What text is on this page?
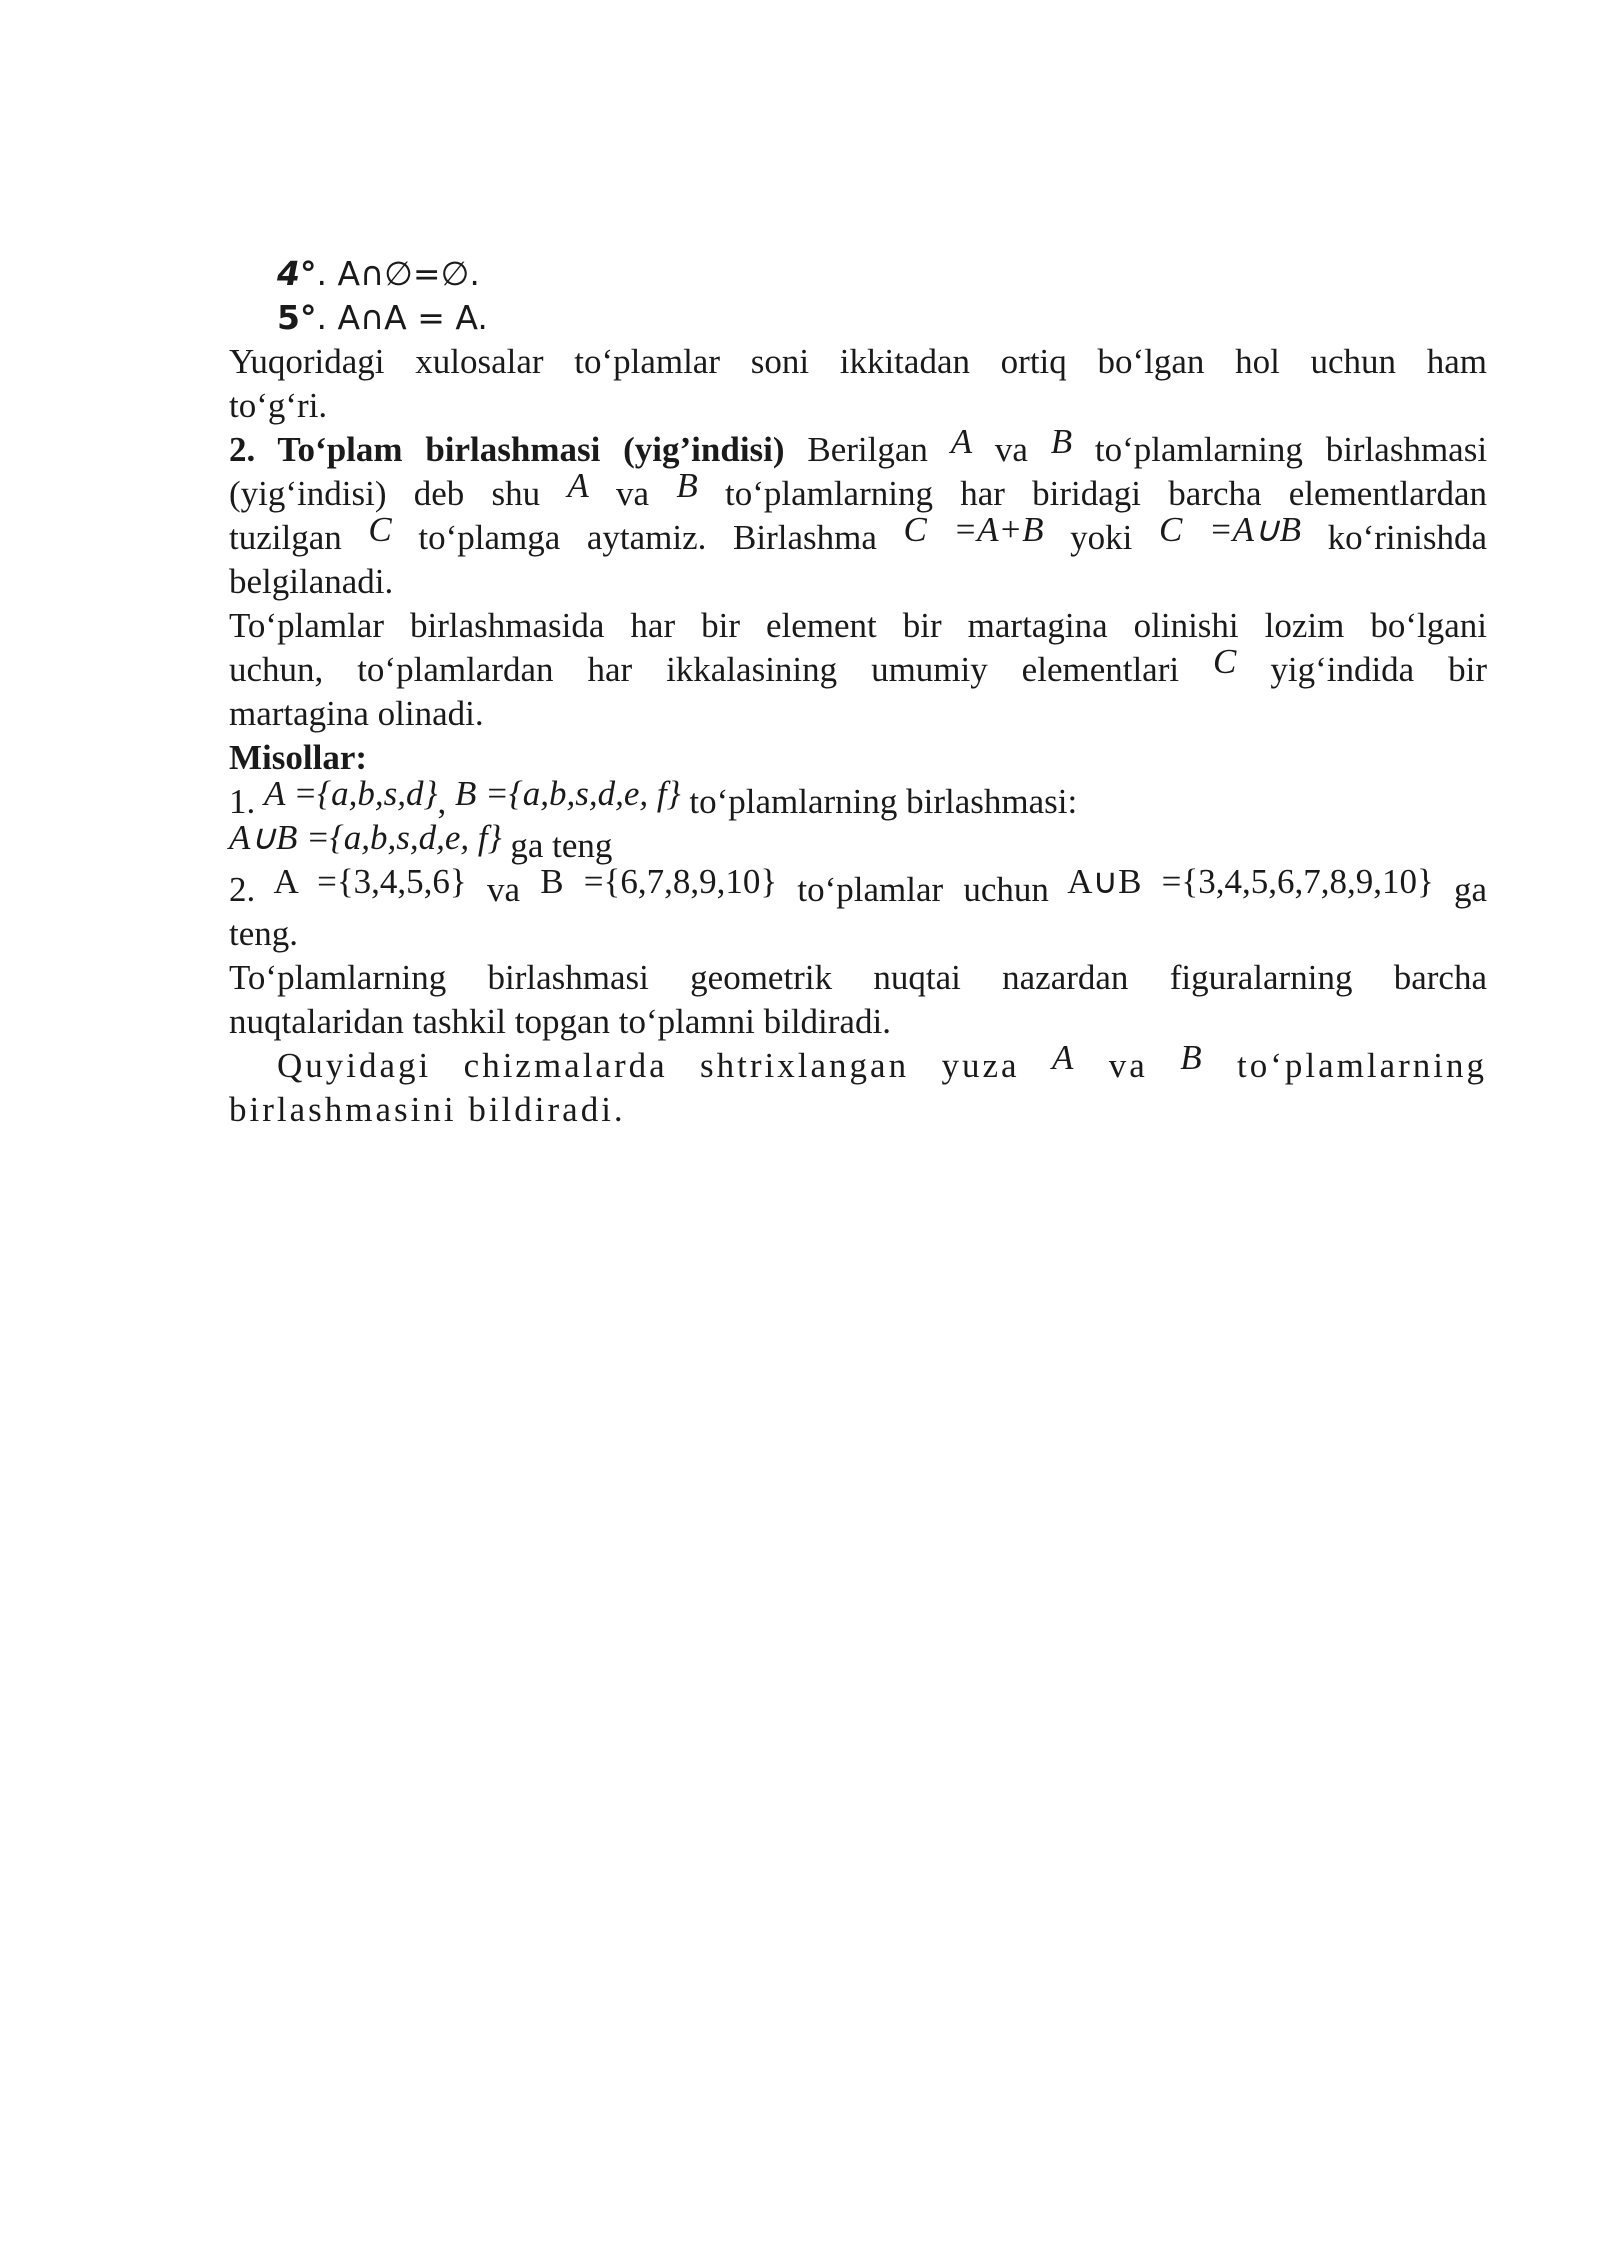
4°. A∩∅=∅.
5°. A∩A = A.
Yuqoridagi xulosalar to‘plamlar soni ikkitadan ortiq bo‘lgan hol uchun ham
to‘g‘ri.
2. To‘plam birlashmasi (yig’indisi) Berilgan A va B to‘plamlarning birlashmasi
(yig‘indisi) deb shu A va B to‘plamlarning har biridagi barcha elementlardan
tuzilgan C to‘plamga aytamiz. Birlashma C =A+B yoki C =A∪B ko‘rinishda
belgilanadi.
To‘plamlar birlashmasida har bir element bir martagina olinishi lozim bo‘lgani
uchun, to‘plamlardan har ikkalasining umumiy elementlari C yig‘indida bir
martagina olinadi.
Misollar:
1. A ={a,b,s,d}, B ={a,b,s,d,e, f} to‘plamlarning birlashmasi:
A∪B ={a,b,s,d,e, f} ga teng
2. A ={3,4,5,6} va B ={6,7,8,9,10} to‘plamlar uchun A∪B ={3,4,5,6,7,8,9,10} ga
teng.
To‘plamlarning birlashmasi geometrik nuqtai nazardan figuralarning barcha
nuqtalaridan tashkil topgan to‘plamni bildiradi.
Quyidagi chizmalarda shtrixlangan yuza A va B to‘plamlarning
birlashmasini bildiradi.
